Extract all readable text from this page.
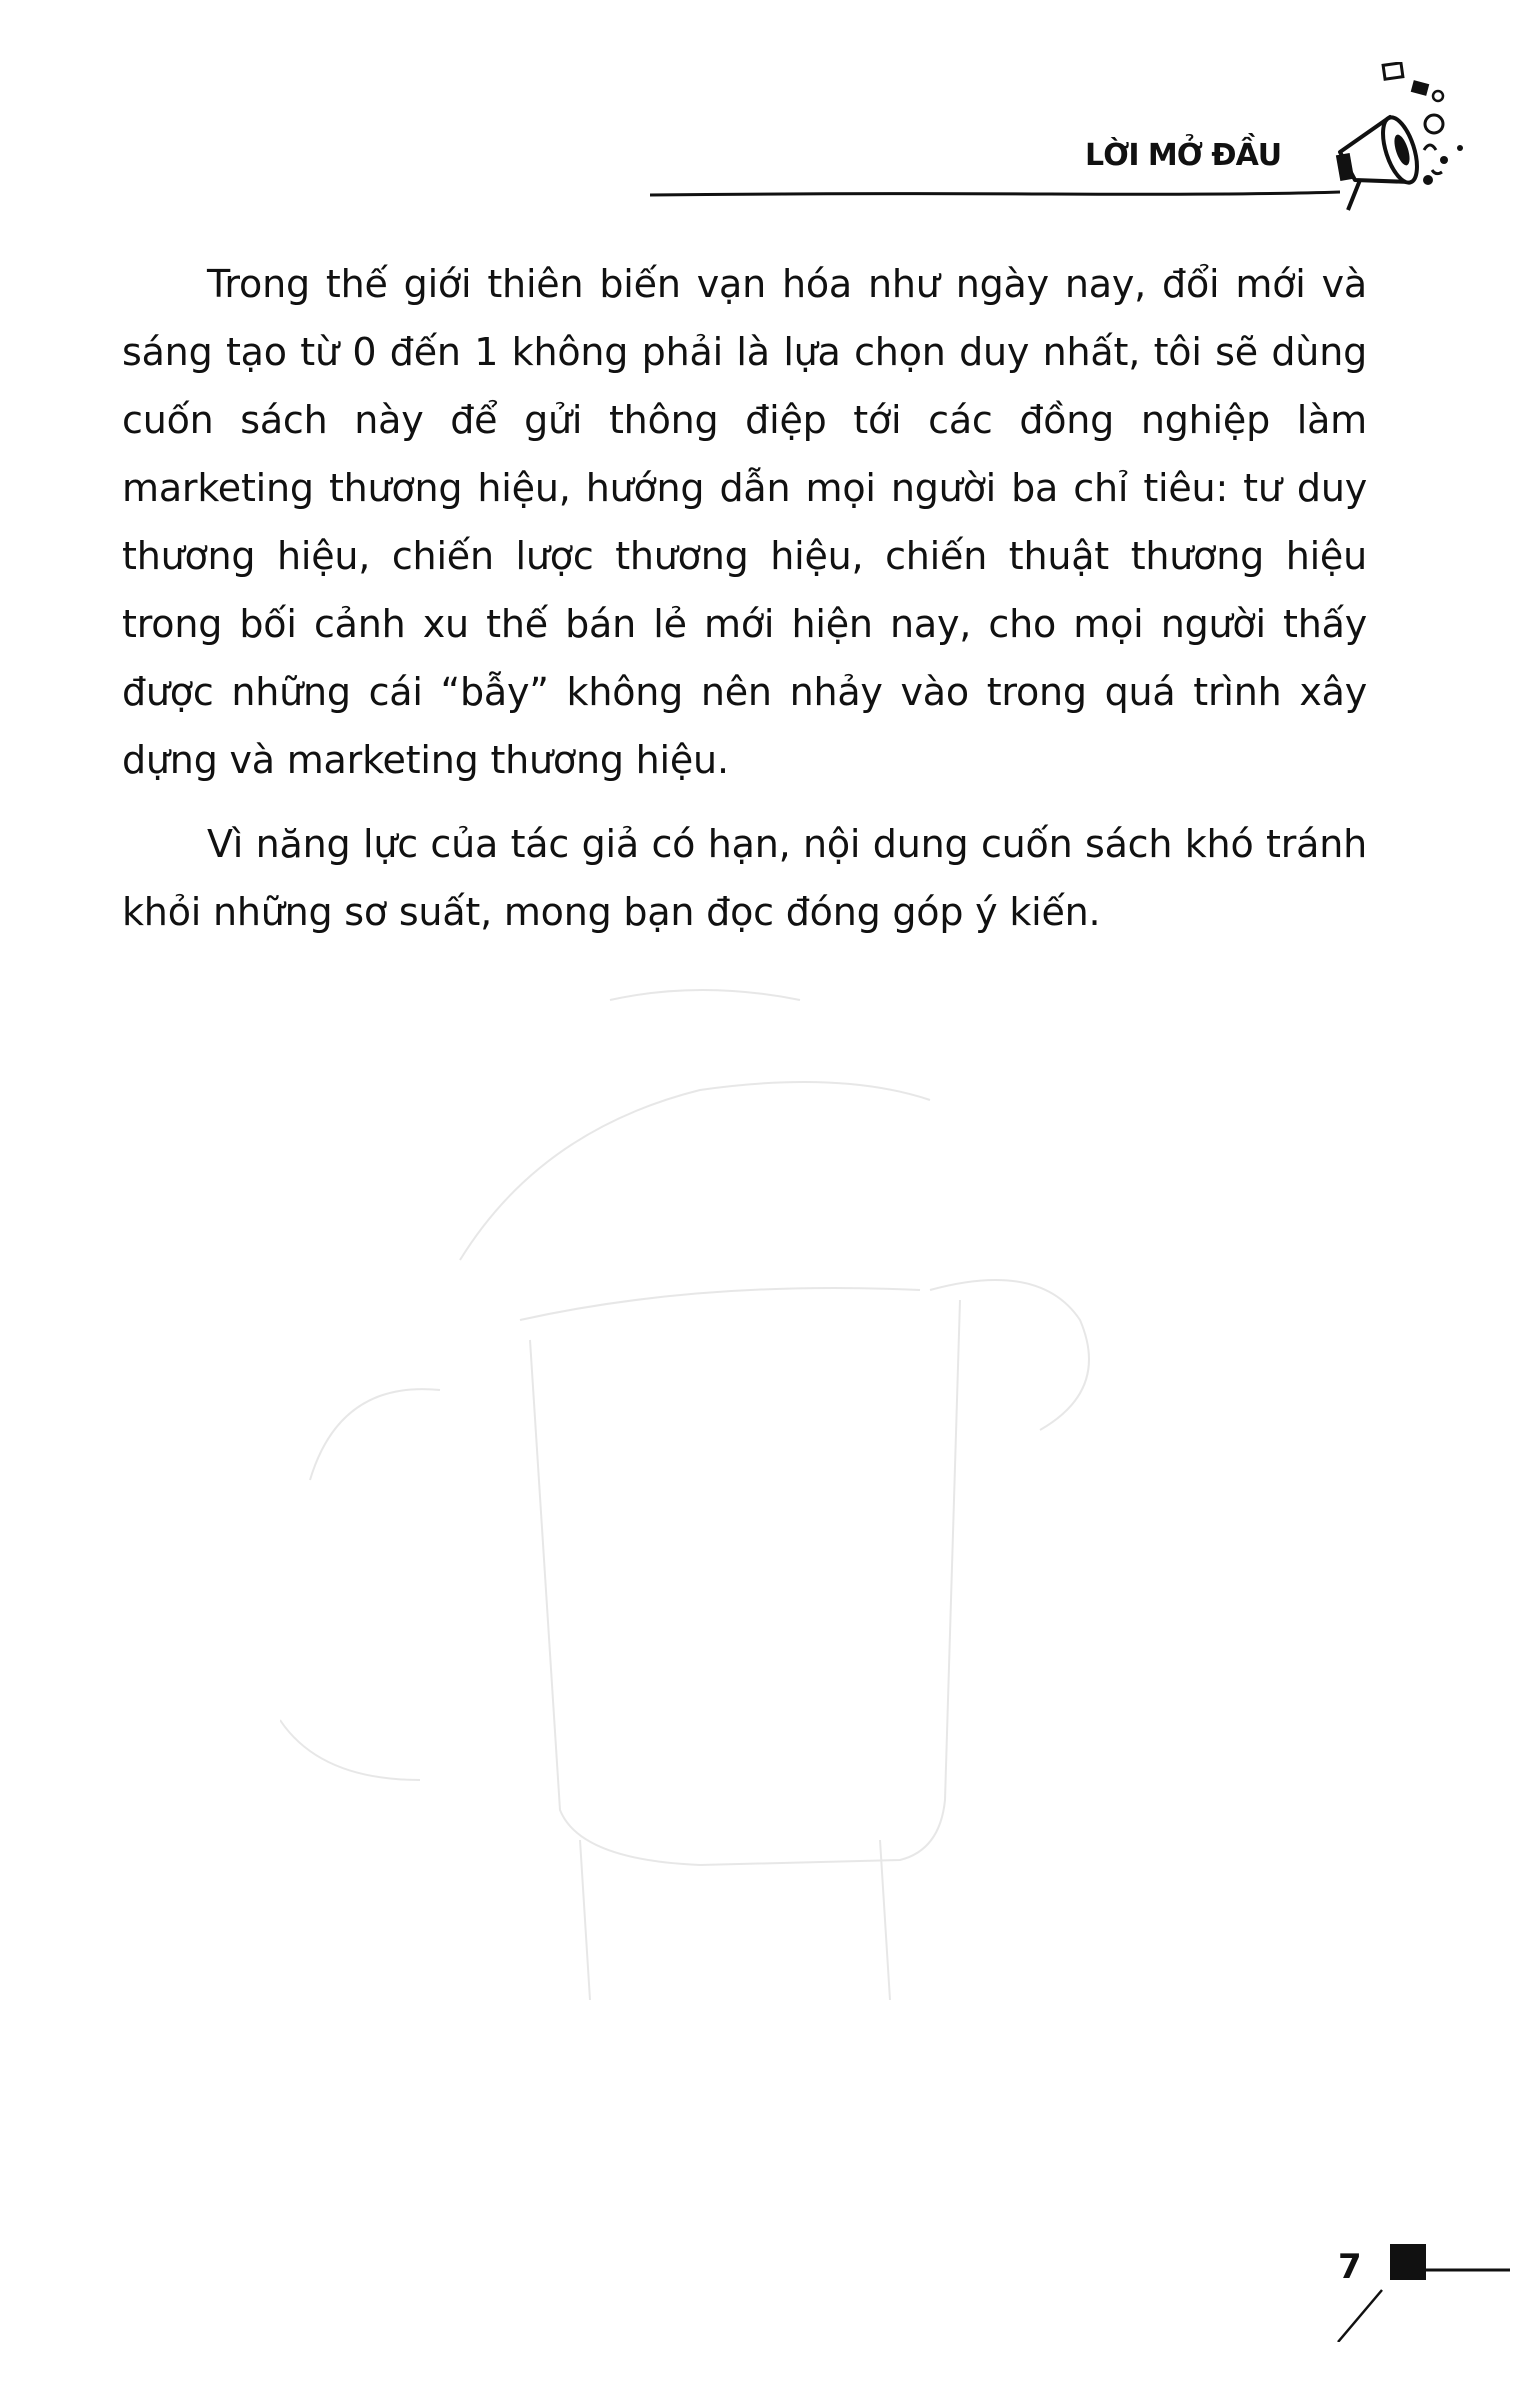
LỜI MỞ ĐẦU

Trong thế giới thiên biến vạn hóa như ngày nay, đổi mới và sáng tạo từ 0 đến 1 không phải là lựa chọn duy nhất, tôi sẽ dùng cuốn sách này để gửi thông điệp tới các đồng nghiệp làm marketing thương hiệu, hướng dẫn mọi người ba chỉ tiêu: tư duy thương hiệu, chiến lược thương hiệu, chiến thuật thương hiệu trong bối cảnh xu thế bán lẻ mới hiện nay, cho mọi người thấy được những cái “bẫy” không nên nhảy vào trong quá trình xây dựng và marketing thương hiệu.

Vì năng lực của tác giả có hạn, nội dung cuốn sách khó tránh khỏi những sơ suất, mong bạn đọc đóng góp ý kiến.

7
